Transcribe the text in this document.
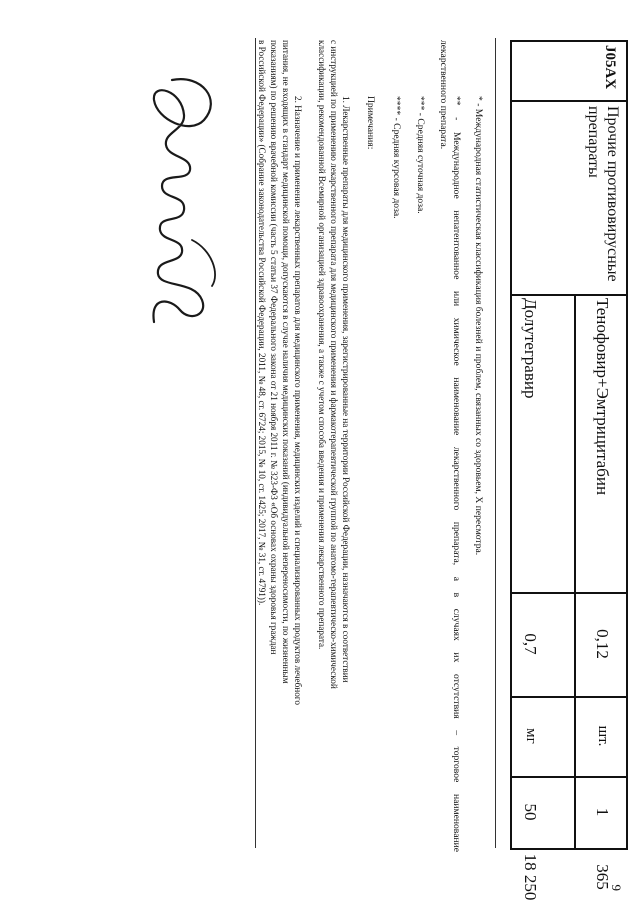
9
J05AX
Прочие противовирусные препараты
Тенофовир+Эмтрицитабин
0,12
шт.
1
365
Долутегравир
0,7
мг
50
18 250
* - Международная статистическая классификация болезней и проблем, связанных со здоровьем, X пересмотра.
** - Международное непатентованное или химическое наименование лекарственного препарата, а в случаях их отсутствия – торговое наименование
лекарственного препарата.
*** - Средняя суточная доза.
**** - Средняя курсовая доза.
Примечания:
1. Лекарственные препараты для медицинского применения, зарегистрированные на территории Российской Федерации, назначаются в соответствии
с инструкцией по применению лекарственного препарата для медицинского применения и фармакотерапевтической группой по анатомо-терапевтическо-химической
классификации, рекомендованной Всемирной организацией здравоохранения, а также с учетом способа введения и применения лекарственного препарата.
2. Назначение и применение лекарственных препаратов для медицинского применения, медицинских изделий и специализированных продуктов лечебного
питания, не входящих в стандарт медицинской помощи, допускаются в случае наличия медицинских показаний (индивидуальной непереносимости, по жизненным
показаниям) по решению врачебной комиссии (часть 5 статьи 37 Федерального закона от 21 ноября 2011 г. № 323-ФЗ «Об основах охраны здоровья граждан
в Российской Федерации» (Собрание законодательства Российской Федерации, 2011, № 48, ст. 6724; 2015, № 10, ст. 1425; 2017, № 31, ст. 4791)).
